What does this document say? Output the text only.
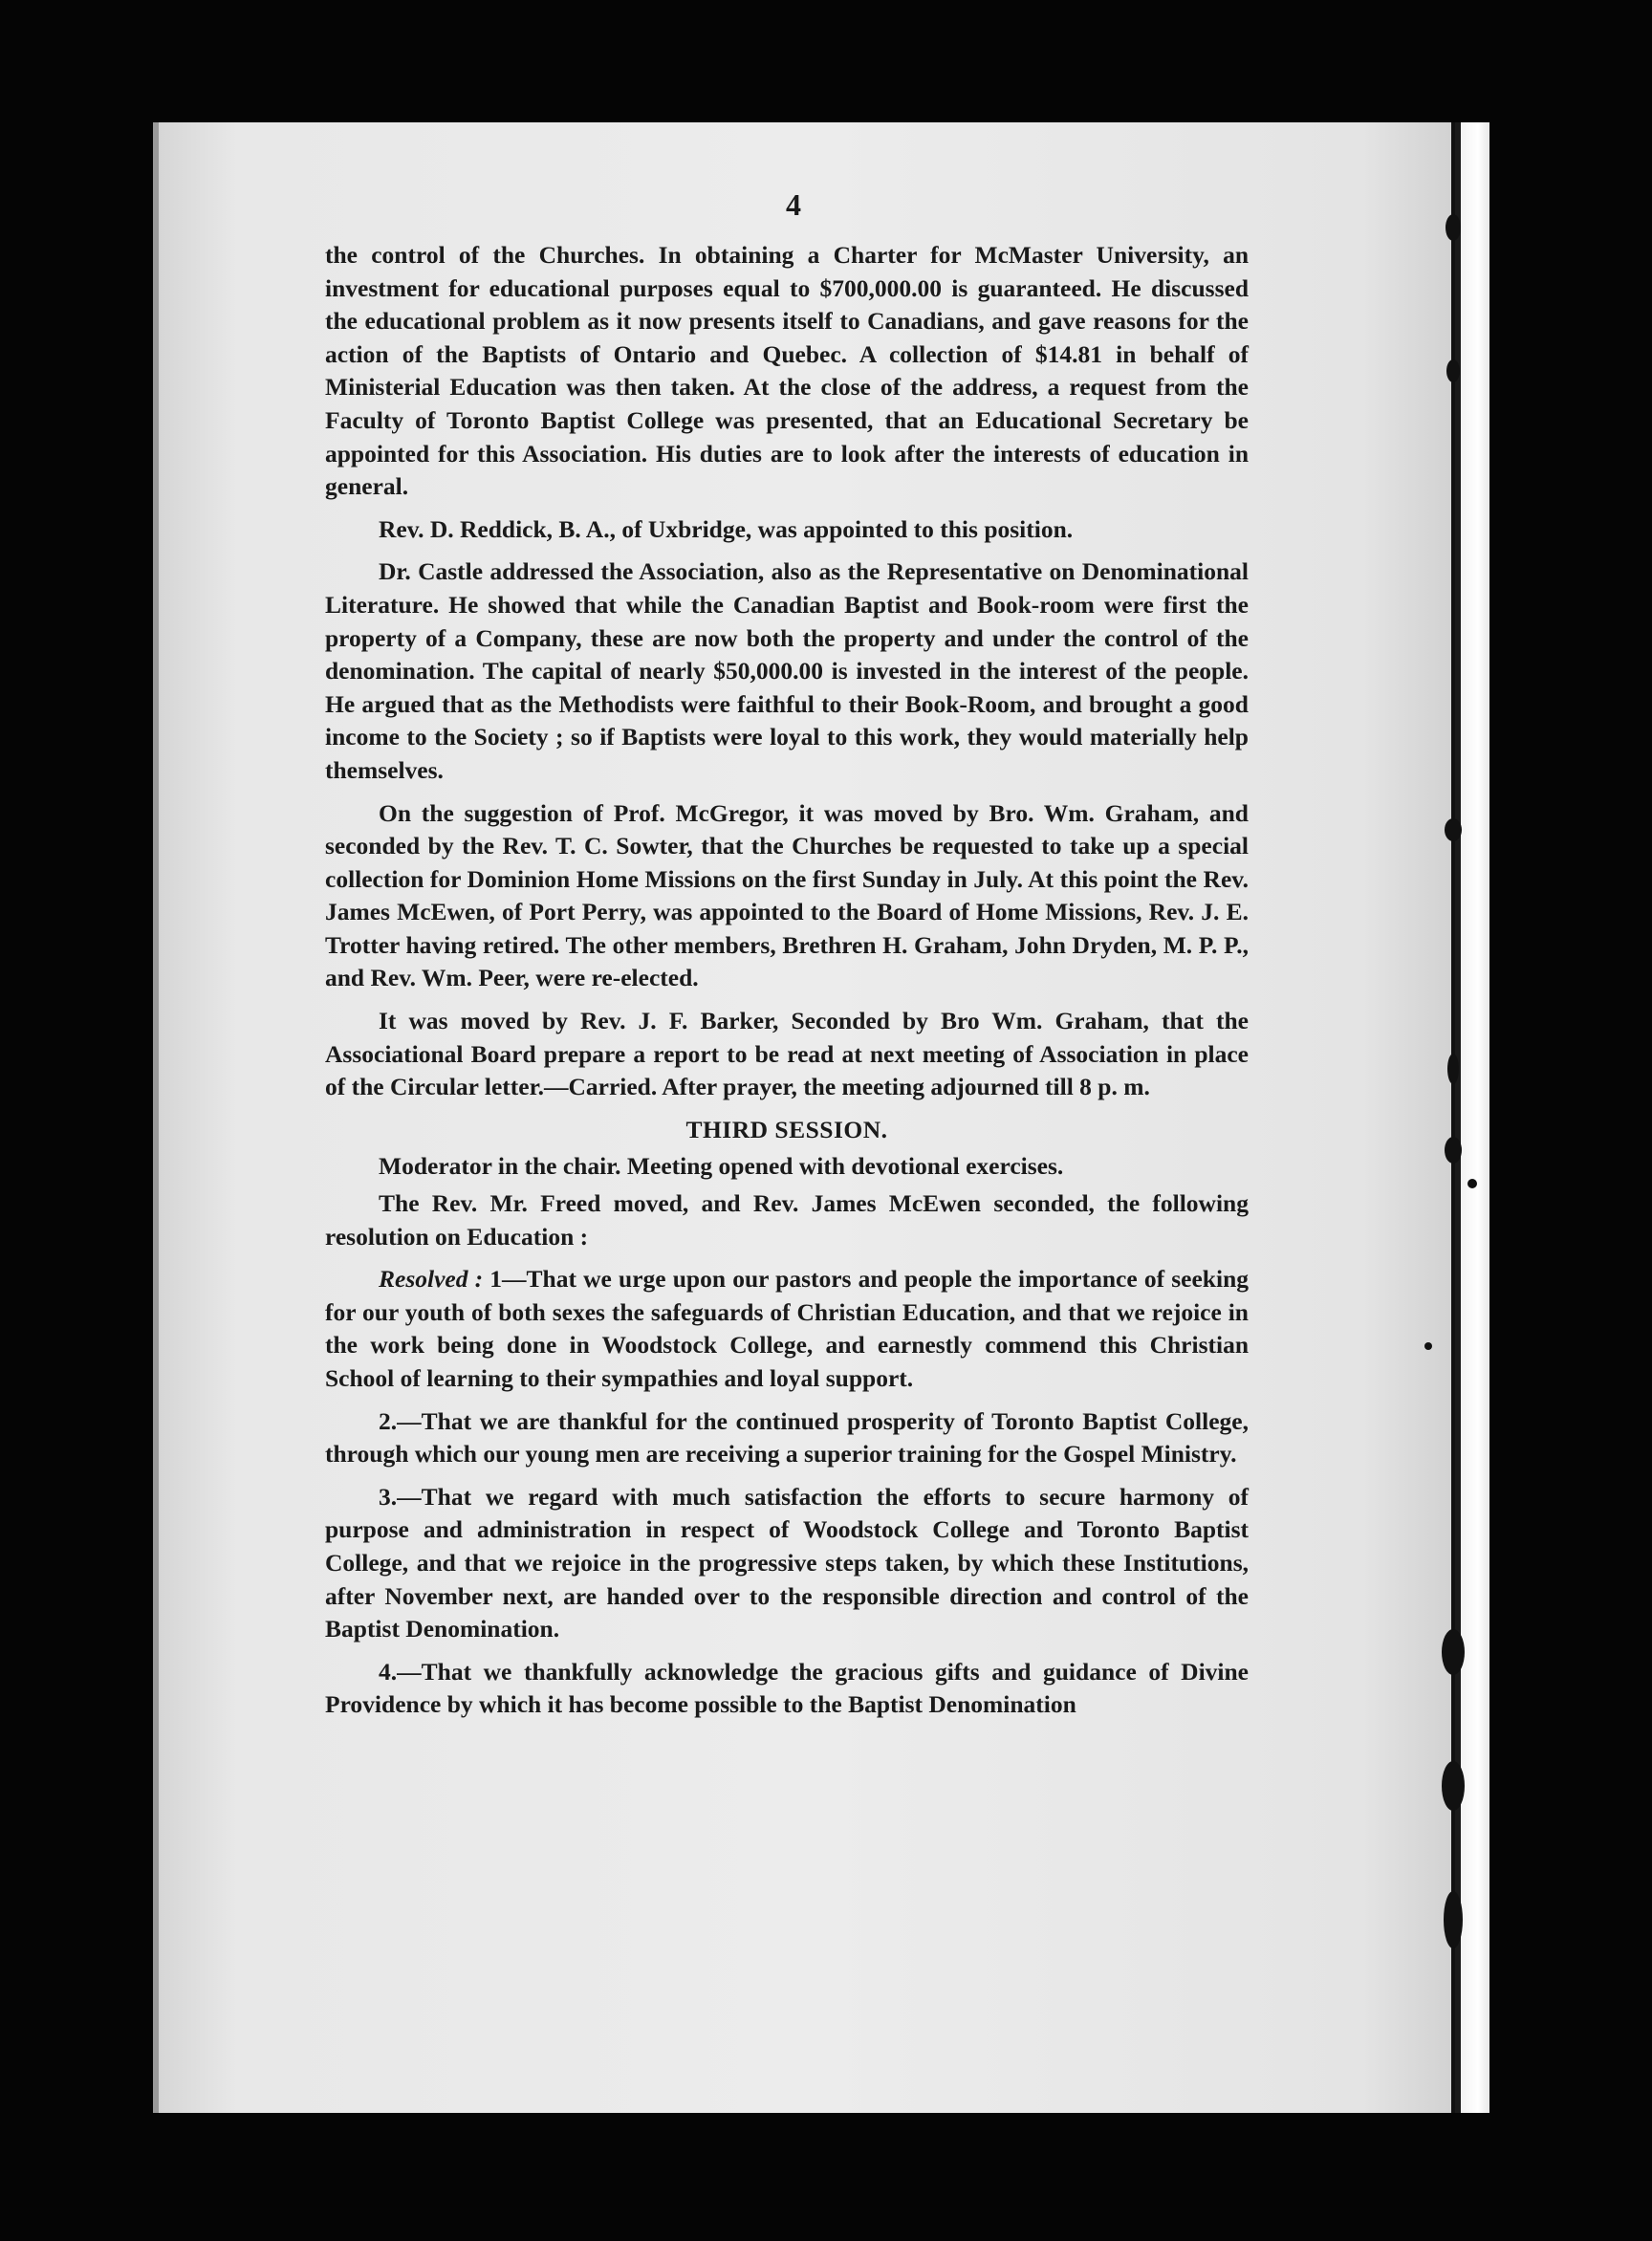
4

the control of the Churches. In obtaining a Charter for McMaster University, an investment for educational purposes equal to $700,000.00 is guaranteed. He discussed the educational problem as it now presents itself to Canadians, and gave reasons for the action of the Baptists of Ontario and Quebec. A collection of $14.81 in behalf of Ministerial Education was then taken. At the close of the address, a request from the Faculty of Toronto Baptist College was presented, that an Educational Secretary be appointed for this Association. His duties are to look after the interests of education in general.

Rev. D. Reddick, B. A., of Uxbridge, was appointed to this position.

Dr. Castle addressed the Association, also as the Representative on Denominational Literature. He showed that while the Canadian Baptist and Book-room were first the property of a Company, these are now both the property and under the control of the denomination. The capital of nearly $50,000.00 is invested in the interest of the people. He argued that as the Methodists were faithful to their Book-Room, and brought a good income to the Society ; so if Baptists were loyal to this work, they would materially help themselves.

On the suggestion of Prof. McGregor, it was moved by Bro. Wm. Graham, and seconded by the Rev. T. C. Sowter, that the Churches be requested to take up a special collection for Dominion Home Missions on the first Sunday in July. At this point the Rev. James McEwen, of Port Perry, was appointed to the Board of Home Missions, Rev. J. E. Trotter having retired. The other members, Brethren H. Graham, John Dryden, M. P. P., and Rev. Wm. Peer, were re-elected.

It was moved by Rev. J. F. Barker, Seconded by Bro Wm. Graham, that the Associational Board prepare a report to be read at next meeting of Association in place of the Circular letter.—Carried. After prayer, the meeting adjourned till 8 p. m.

THIRD SESSION.

Moderator in the chair. Meeting opened with devotional exercises.

The Rev. Mr. Freed moved, and Rev. James McEwen seconded, the following resolution on Education :

Resolved : 1—That we urge upon our pastors and people the importance of seeking for our youth of both sexes the safeguards of Christian Education, and that we rejoice in the work being done in Woodstock College, and earnestly commend this Christian School of learning to their sympathies and loyal support.

2.—That we are thankful for the continued prosperity of Toronto Baptist College, through which our young men are receiving a superior training for the Gospel Ministry.

3.—That we regard with much satisfaction the efforts to secure harmony of purpose and administration in respect of Woodstock College and Toronto Baptist College, and that we rejoice in the progressive steps taken, by which these Institutions, after November next, are handed over to the responsible direction and control of the Baptist Denomination.

4.—That we thankfully acknowledge the gracious gifts and guidance of Divine Providence by which it has become possible to the Baptist Denomination
